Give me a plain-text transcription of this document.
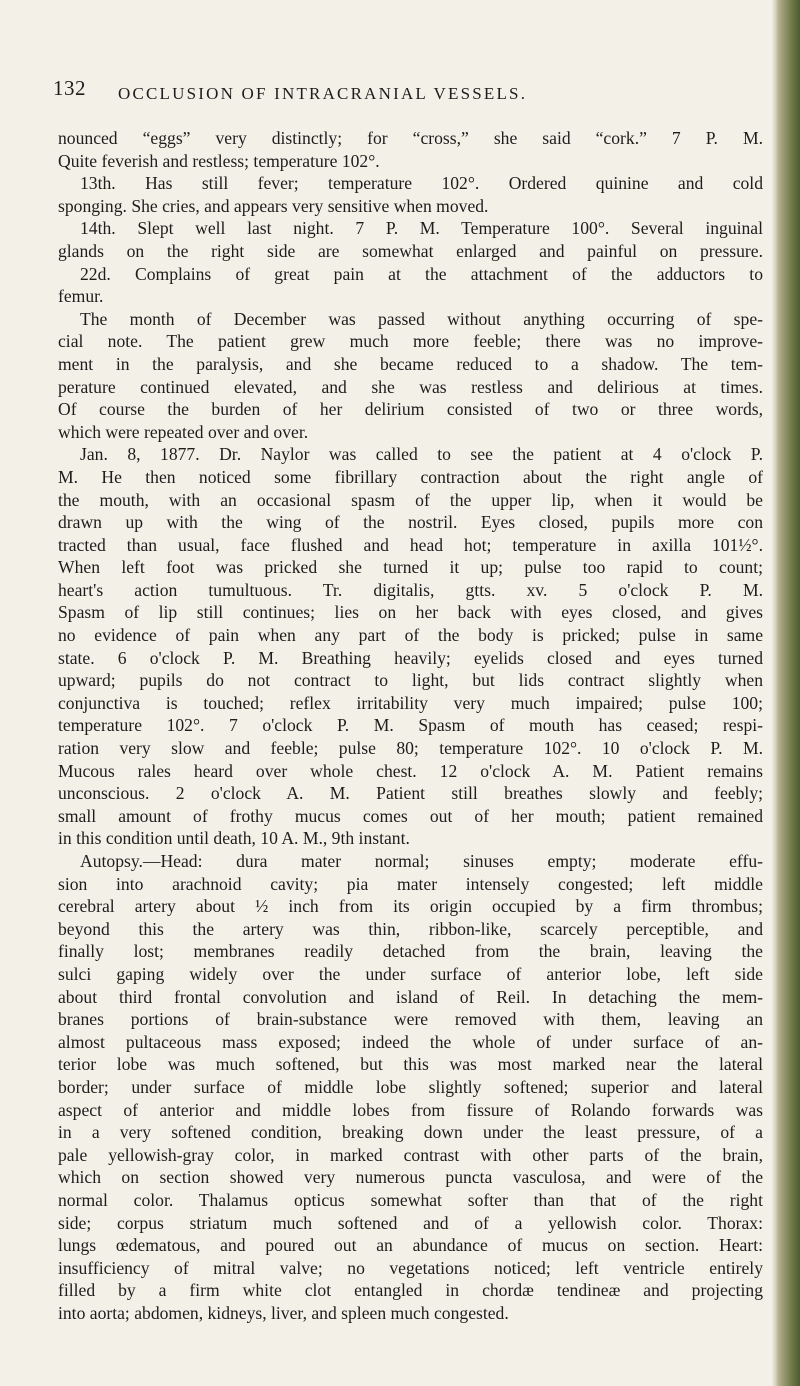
132 OCCLUSION OF INTRACRANIAL VESSELS.
nounced “eggs” very distinctly; for “cross,” she said “cork.” 7 P. M.
Quite feverish and restless; temperature 102°.
13th. Has still fever; temperature 102°. Ordered quinine and cold
sponging. She cries, and appears very sensitive when moved.
14th. Slept well last night. 7 P. M. Temperature 100°. Several inguinal
glands on the right side are somewhat enlarged and painful on pressure.
22d. Complains of great pain at the attachment of the adductors to
femur.
The month of December was passed without anything occurring of spe-
cial note. The patient grew much more feeble; there was no improve-
ment in the paralysis, and she became reduced to a shadow. The tem-
perature continued elevated, and she was restless and delirious at times.
Of course the burden of her delirium consisted of two or three words,
which were repeated over and over.
Jan. 8, 1877. Dr. Naylor was called to see the patient at 4 o'clock P.
M. He then noticed some fibrillary contraction about the right angle of
the mouth, with an occasional spasm of the upper lip, when it would be
drawn up with the wing of the nostril. Eyes closed, pupils more con
tracted than usual, face flushed and head hot; temperature in axilla 101½°.
When left foot was pricked she turned it up; pulse too rapid to count;
heart's action tumultuous. Tr. digitalis, gtts. xv. 5 o'clock P. M.
Spasm of lip still continues; lies on her back with eyes closed, and gives
no evidence of pain when any part of the body is pricked; pulse in same
state. 6 o'clock P. M. Breathing heavily; eyelids closed and eyes turned
upward; pupils do not contract to light, but lids contract slightly when
conjunctiva is touched; reflex irritability very much impaired; pulse 100;
temperature 102°. 7 o'clock P. M. Spasm of mouth has ceased; respi-
ration very slow and feeble; pulse 80; temperature 102°. 10 o'clock P. M.
Mucous rales heard over whole chest. 12 o'clock A. M. Patient remains
unconscious. 2 o'clock A. M. Patient still breathes slowly and feebly;
small amount of frothy mucus comes out of her mouth; patient remained
in this condition until death, 10 A. M., 9th instant.
Autopsy.—Head: dura mater normal; sinuses empty; moderate effu-
sion into arachnoid cavity; pia mater intensely congested; left middle
cerebral artery about ½ inch from its origin occupied by a firm thrombus;
beyond this the artery was thin, ribbon-like, scarcely perceptible, and
finally lost; membranes readily detached from the brain, leaving the
sulci gaping widely over the under surface of anterior lobe, left side
about third frontal convolution and island of Reil. In detaching the mem-
branes portions of brain-substance were removed with them, leaving an
almost pultaceous mass exposed; indeed the whole of under surface of an-
terior lobe was much softened, but this was most marked near the lateral
border; under surface of middle lobe slightly softened; superior and lateral
aspect of anterior and middle lobes from fissure of Rolando forwards was
in a very softened condition, breaking down under the least pressure, of a
pale yellowish-gray color, in marked contrast with other parts of the brain,
which on section showed very numerous puncta vasculosa, and were of the
normal color. Thalamus opticus somewhat softer than that of the right
side; corpus striatum much softened and of a yellowish color. Thorax:
lungs œdematous, and poured out an abundance of mucus on section. Heart:
insufficiency of mitral valve; no vegetations noticed; left ventricle entirely
filled by a firm white clot entangled in chordæ tendineæ and projecting
into aorta; abdomen, kidneys, liver, and spleen much congested.
